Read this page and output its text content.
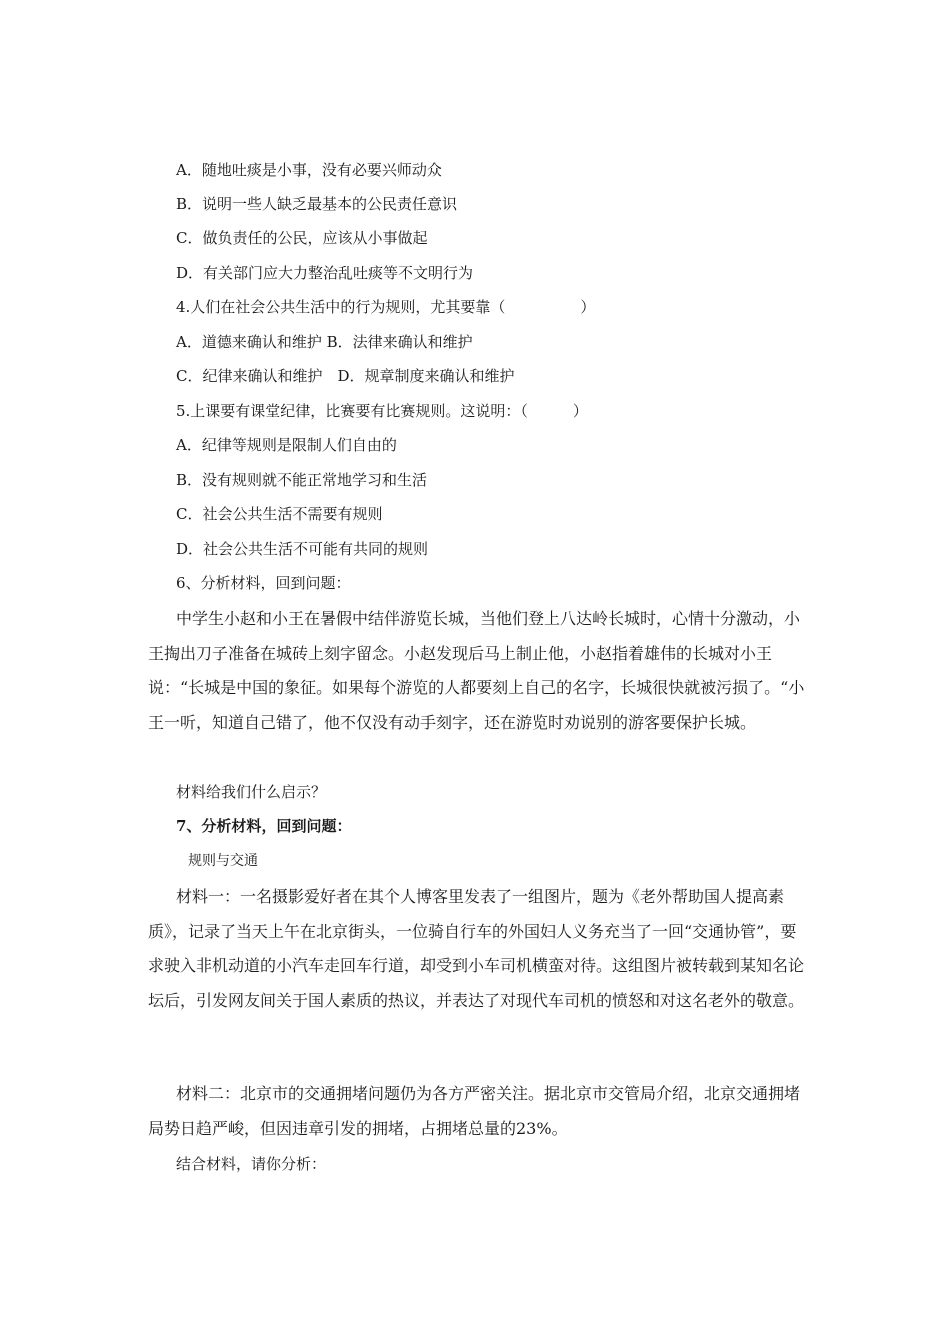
A．随地吐痰是小事，没有必要兴师动众
B．说明一些人缺乏最基本的公民责任意识
C．做负责任的公民，应该从小事做起
D．有关部门应大力整治乱吐痰等不文明行为
4.人们在社会公共生活中的行为规则，尤其要靠（　　　　　）
A．道德来确认和维护 B．法律来确认和维护
C．纪律来确认和维护　D．规章制度来确认和维护
5.上课要有课堂纪律，比赛要有比赛规则。这说明：（　　　）
A．纪律等规则是限制人们自由的
B．没有规则就不能正常地学习和生活
C．社会公共生活不需要有规则
D．社会公共生活不可能有共同的规则
6、分析材料，回到问题：

中学生小赵和小王在暑假中结伴游览长城，当他们登上八达岭长城时，心情十分激动，小王掏出刀子准备在城砖上刻字留念。小赵发现后马上制止他，小赵指着雄伟的长城对小王说：“长城是中国的象征。如果每个游览的人都要刻上自己的名字，长城很快就被污损了。“小王一听，知道自己错了，他不仅没有动手刻字，还在游览时劝说别的游客要保护长城。

材料给我们什么启示？
7、分析材料，回到问题：
规则与交通

材料一：一名摄影爱好者在其个人博客里发表了一组图片，题为《老外帮助国人提高素质》，记录了当天上午在北京街头，一位骑自行车的外国妇人义务充当了一回“交通协管”，要求驶入非机动道的小汽车走回车行道，却受到小车司机横蛮对待。这组图片被转载到某知名论坛后，引发网友间关于国人素质的热议，并表达了对现代车司机的愤怒和对这名老外的敬意。

材料二：北京市的交通拥堵问题仍为各方严密关注。据北京市交管局介绍，北京交通拥堵局势日趋严峻，但因违章引发的拥堵，占拥堵总量的23%。

结合材料，请你分析：
